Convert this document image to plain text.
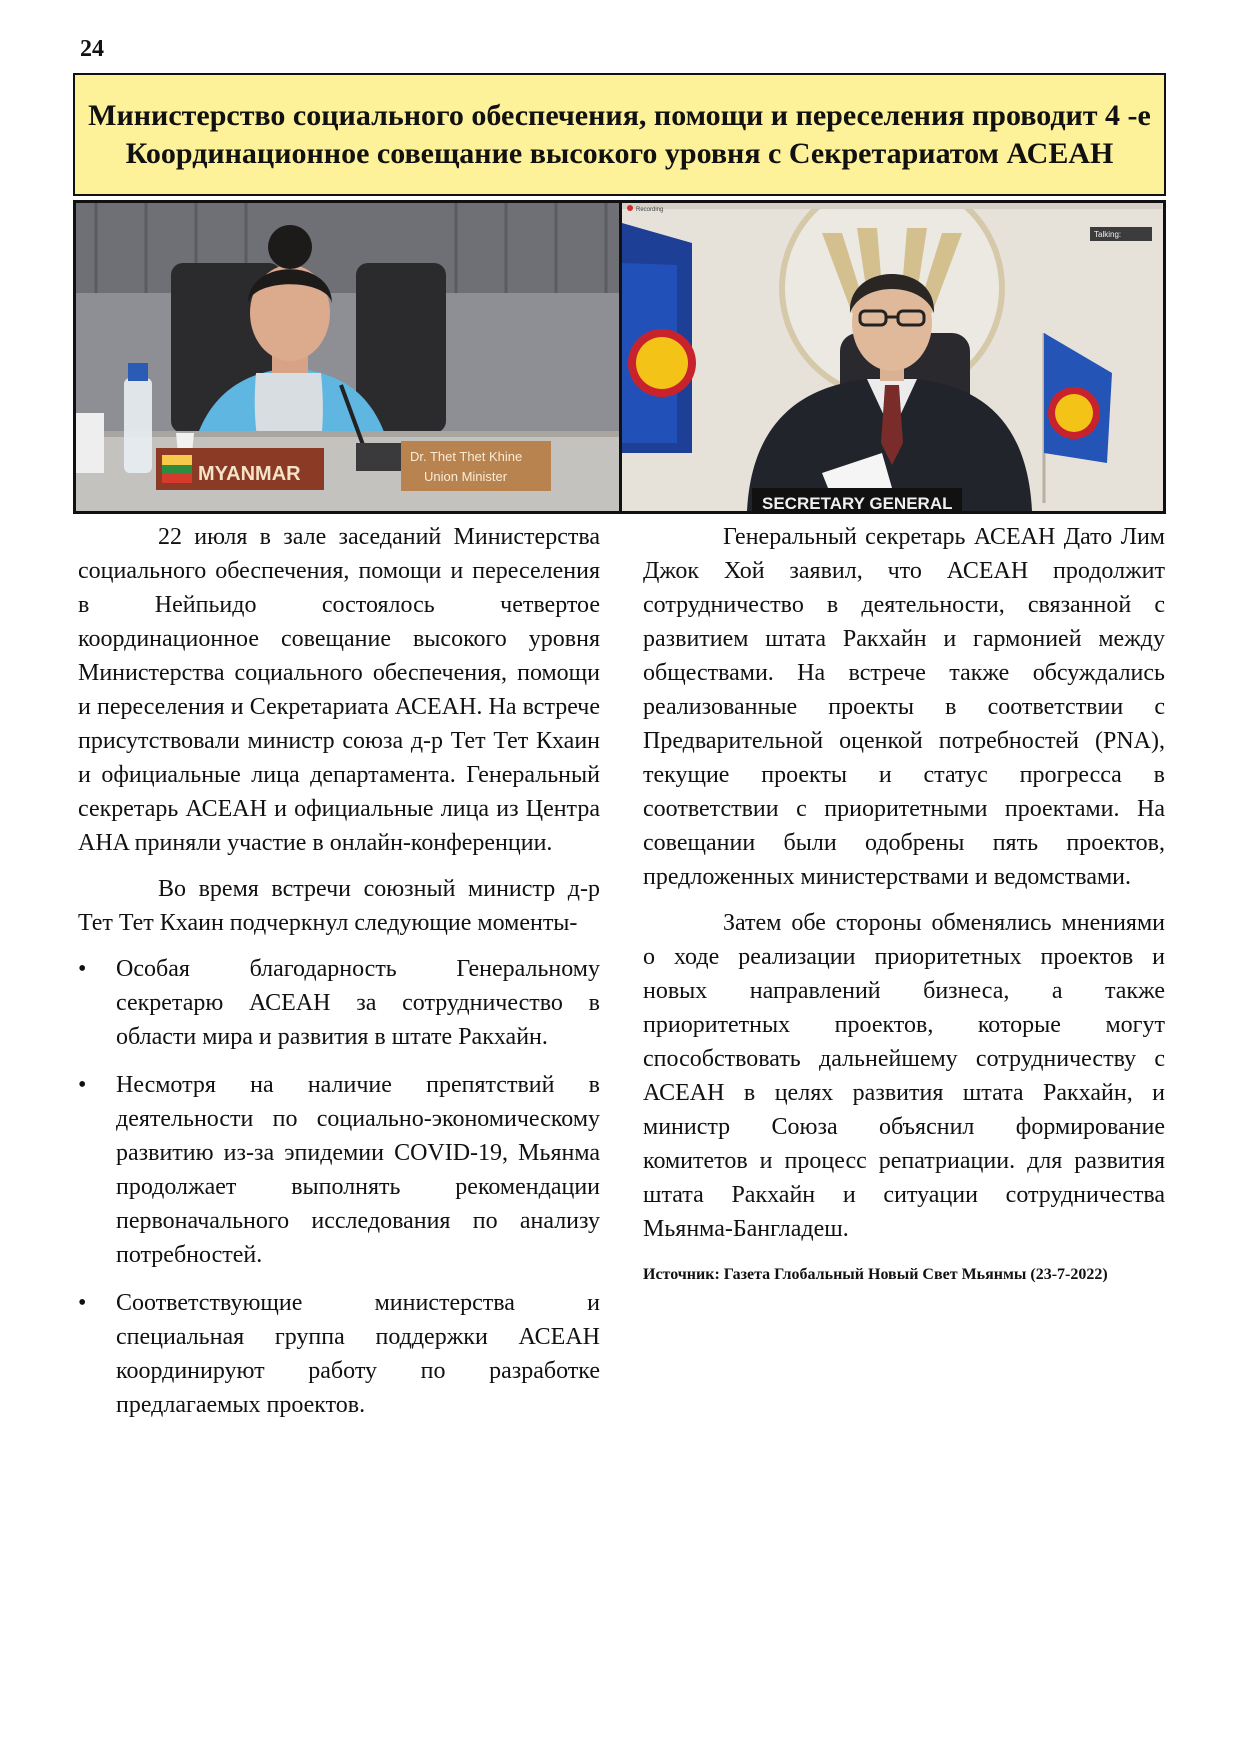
24
Министерство социального обеспечения, помощи и переселения проводит 4 -е Координационное совещание высокого уровня с Секретариатом АСЕАН
MYANMAR
Dr. Thet Thet Khine
Union Minister
Recording
Talking:
SECRETARY GENERAL

22 июля в зале заседаний Министерства социального обеспечения, помощи и переселения в Нейпьидо состоялось четвертое координационное совещание высокого уровня Министерства социального обеспечения, помощи и переселения и Секретариата АСЕАН. На встрече присутствовали министр союза д-р Тет Тет Кхаин и официальные лица департамента. Генеральный секретарь АСЕАН и официальные лица из Центра AHA приняли участие в онлайн-конференции.

Во время встречи союзный министр д-р Тет Тет Кхаин подчеркнул следующие моменты-

• Особая благодарность Генеральному секретарю АСЕАН за сотрудничество в области мира и развития в штате Ракхайн.
• Несмотря на наличие препятствий в деятельности по социально-экономическому развитию из-за эпидемии COVID-19, Мьянма продолжает выполнять рекомендации первоначального исследования по анализу потребностей.
• Соответствующие министерства и специальная группа поддержки АСЕАН координируют работу по разработке предлагаемых проектов.

Генеральный секретарь АСЕАН Дато Лим Джок Хой заявил, что АСЕАН продолжит сотрудничество в деятельности, связанной с развитием штата Ракхайн и гармонией между обществами. На встрече также обсуждались реализованные проекты в соответствии с Предварительной оценкой потребностей (PNA), текущие проекты и статус прогресса в соответствии с приоритетными проектами. На совещании были одобрены пять проектов, предложенных министерствами и ведомствами.

Затем обе стороны обменялись мнениями о ходе реализации приоритетных проектов и новых направлений бизнеса, а также приоритетных проектов, которые могут способствовать дальнейшему сотрудничеству с АСЕАН в целях развития штата Ракхайн, и министр Союза объяснил формирование комитетов и процесс репатриации. для развития штата Ракхайн и ситуации сотрудничества Мьянма-Бангладеш.

Источник: Газета Глобальный Новый Свет Мьянмы (23-7-2022)
